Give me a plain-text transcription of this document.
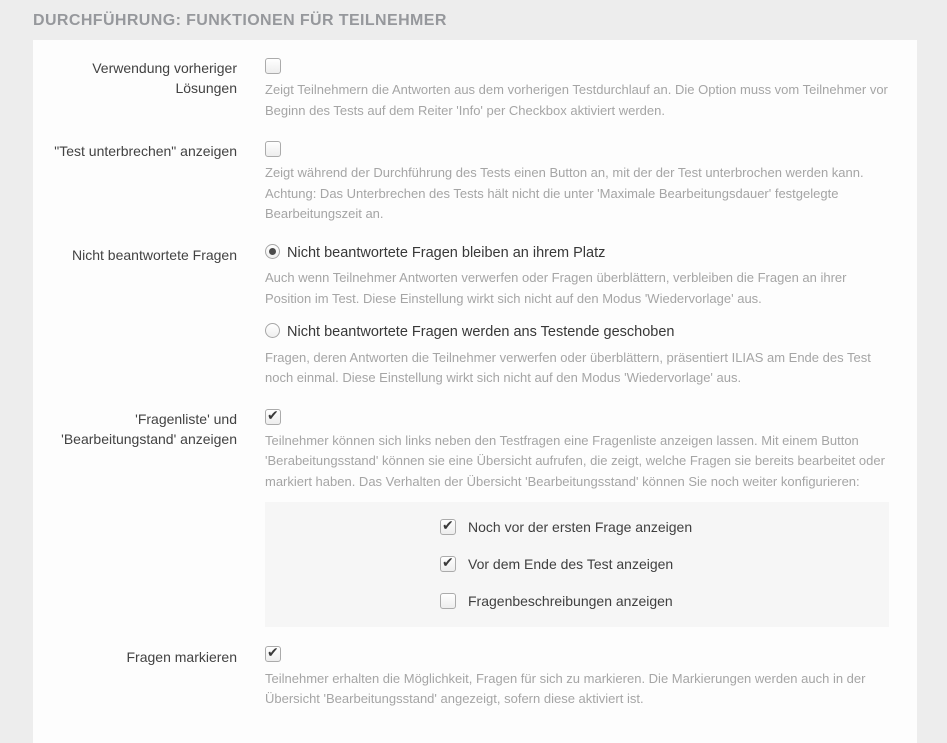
DURCHFÜHRUNG: FUNKTIONEN FÜR TEILNEHMER
Verwendung vorheriger Lösungen Zeigt Teilnehmern die Antworten aus dem vorherigen Testdurchlauf an. Die Option muss vom Teilnehmer vor Beginn des Tests auf dem Reiter 'Info' per Checkbox aktiviert werden.

"Test unterbrechen" anzeigen

Zeigt während der Durchführung des Tests einen Button an, mit der der Test unterbrochen werden kann. Achtung: Das Unterbrechen des Tests hält nicht die unter 'Maximale Bearbeitungsdauer' festgelegte Bearbeitungszeit an.

Nicht beantwortete Fragen	Nicht beantwortete Fragen bleiben an ihrem Platz

Auch wenn Teilnehmer Antworten verwerfen oder Fragen überblättern, verbleiben die Fragen an ihrer Position im Test. Diese Einstellung wirkt sich nicht auf den Modus 'Wiedervorlage' aus.

Nicht beantwortete Fragen werden ans Testende geschoben

Fragen, deren Antworten die Teilnehmer verwerfen oder überblättern, präsentiert ILIAS am Ende des Test noch einmal. Diese Einstellung wirkt sich nicht auf den Modus 'Wiedervorlage' aus.

'Fragenliste' und 'Bearbeitungstand' anzeigen
✔ Teilnehmer können sich links neben den Testfragen eine Fragenliste anzeigen lassen. Mit einem Button 'Berabeitungsstand' können sie eine Übersicht aufrufen, die zeigt, welche Fragen sie bereits bearbeitet oder markiert haben. Das Verhalten der Übersicht 'Bearbeitungsstand' können Sie noch weiter konfigurieren:

✔
Noch vor der ersten Frage anzeigen
✔
Vor dem Ende des Test anzeigen
Fragenbeschreibungen anzeigen
Fragen markieren
✔

Teilnehmer erhalten die Möglichkeit, Fragen für sich zu markieren. Die Markierungen werden auch in der Übersicht 'Bearbeitungsstand' angezeigt, sofern diese aktiviert ist.
